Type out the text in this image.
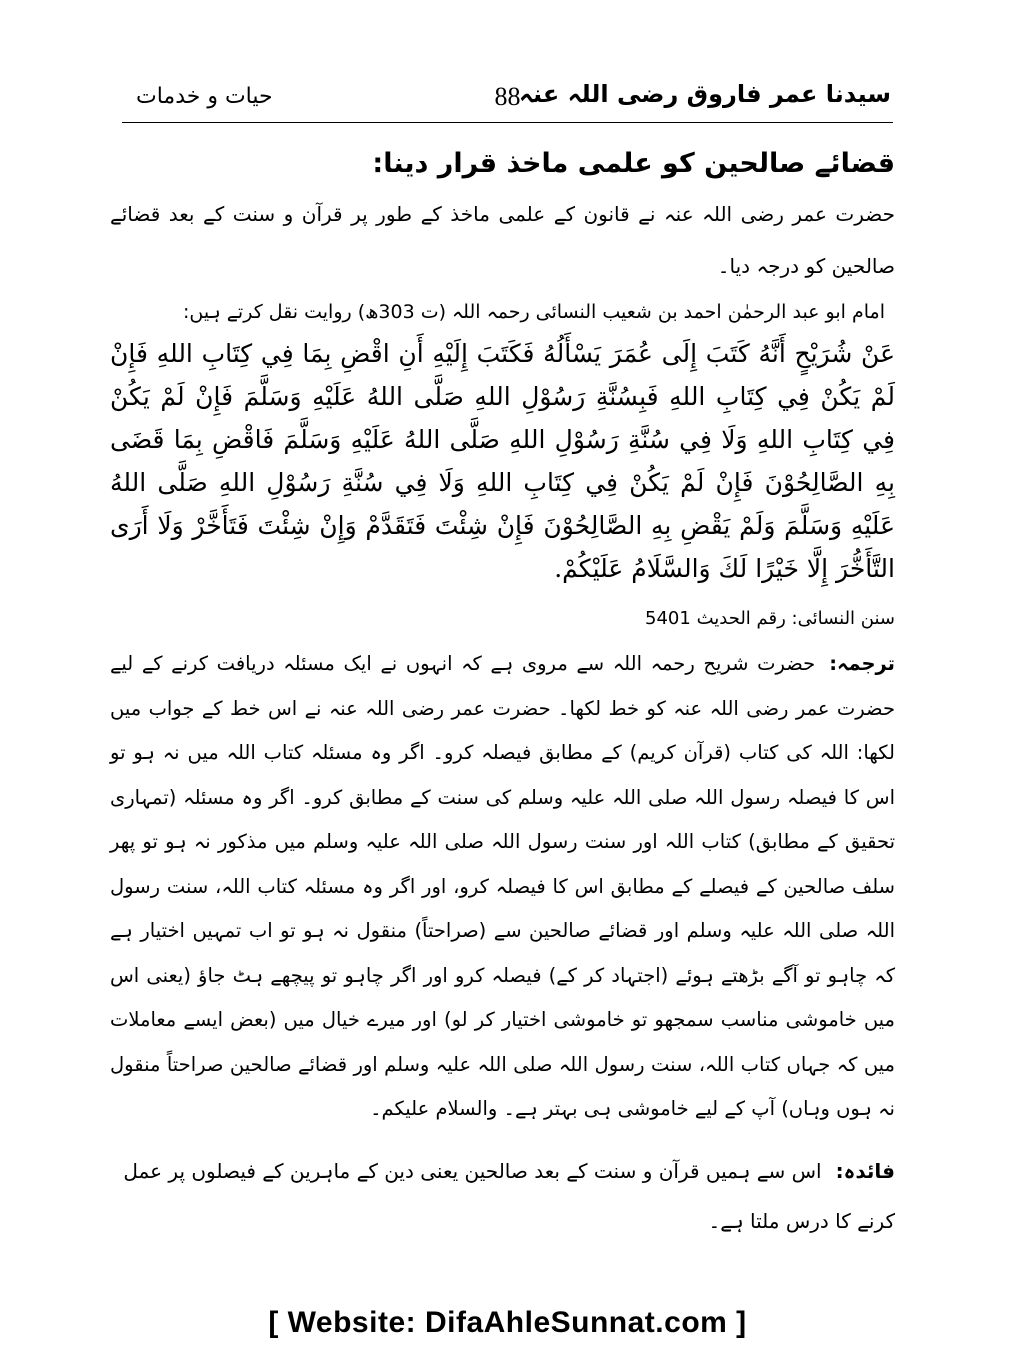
حیات و خدمات	88
سیدنا عمر فاروق رضی اللہ عنہ

قضائے صالحین کو علمی ماخذ قرار دینا:

حضرت عمر رضی اللہ عنہ نے قانون کے علمی ماخذ کے طور پر قرآن و سنت کے بعد قضائے صالحین کو درجہ دیا۔

امام ابو عبد الرحمٰن احمد بن شعیب النسائی رحمہ اللہ (ت 303ھ) روایت نقل کرتے ہیں:

عَنْ شُرَيْحٍ أَنَّهُ كَتَبَ إِلَى عُمَرَ يَسْأَلُهُ فَكَتَبَ إِلَيْهِ أَنِ اقْضِ بِمَا فِي كِتَابِ اللهِ فَإِنْ لَمْ يَكُنْ فِي كِتَابِ اللهِ فَبِسُنَّةِ رَسُوْلِ اللهِ صَلَّى اللهُ عَلَيْهِ وَسَلَّمَ فَإِنْ لَمْ يَكُنْ فِي كِتَابِ اللهِ وَلَا فِي سُنَّةِ رَسُوْلِ اللهِ صَلَّى اللهُ عَلَيْهِ وَسَلَّمَ فَاقْضِ بِمَا قَضَى بِهِ الصَّالِحُوْنَ فَإِنْ لَمْ يَكُنْ فِي كِتَابِ اللهِ وَلَا فِي سُنَّةِ رَسُوْلِ اللهِ صَلَّى اللهُ عَلَيْهِ وَسَلَّمَ وَلَمْ يَقْضِ بِهِ الصَّالِحُوْنَ فَإِنْ شِئْتَ فَتَقَدَّمْ وَإِنْ شِئْتَ فَتَأَخَّرْ وَلَا أَرَى التَّأَخُّرَ إِلَّا خَيْرًا لَكَ وَالسَّلَامُ عَلَيْكُمْ.

سنن النسائی: رقم الحدیث 5401

ترجمہ:حضرت شریح رحمہ اللہ سے مروی ہے کہ انہوں نے ایک مسئلہ دریافت کرنے کے لیے حضرت عمر رضی اللہ عنہ کو خط لکھا۔ حضرت عمر رضی اللہ عنہ نے اس خط کے جواب میں لکھا: اللہ کی کتاب (قرآن کریم) کے مطابق فیصلہ کرو۔ اگر وہ مسئلہ کتاب اللہ میں نہ ہو تو اس کا فیصلہ رسول اللہ صلی اللہ علیہ وسلم کی سنت کے مطابق کرو۔ اگر وہ مسئلہ (تمہاری تحقیق کے مطابق) کتاب اللہ اور سنت رسول اللہ صلی اللہ علیہ وسلم میں مذکور نہ ہو تو پھر سلف صالحین کے فیصلے کے مطابق اس کا فیصلہ کرو، اور اگر وہ مسئلہ کتاب اللہ، سنت رسول اللہ صلی اللہ علیہ وسلم اور قضائے صالحین سے (صراحتاً) منقول نہ ہو تو اب تمہیں اختیار ہے کہ چاہو تو آگے بڑھتے ہوئے (اجتہاد کر کے) فیصلہ کرو اور اگر چاہو تو پیچھے ہٹ جاؤ (یعنی اس میں خاموشی مناسب سمجھو تو خاموشی اختیار کر لو) اور میرے خیال میں (بعض ایسے معاملات میں کہ جہاں کتاب اللہ، سنت رسول اللہ صلی اللہ علیہ وسلم اور قضائے صالحین صراحتاً منقول نہ ہوں وہاں) آپ کے لیے خاموشی ہی بہتر ہے۔ والسلام علیکم۔

فائدہ:اس سے ہمیں قرآن و سنت کے بعد صالحین یعنی دین کے ماہرین کے فیصلوں پر عمل کرنے کا درس ملتا ہے۔

[ Website: DifaAhleSunnat.com ]
